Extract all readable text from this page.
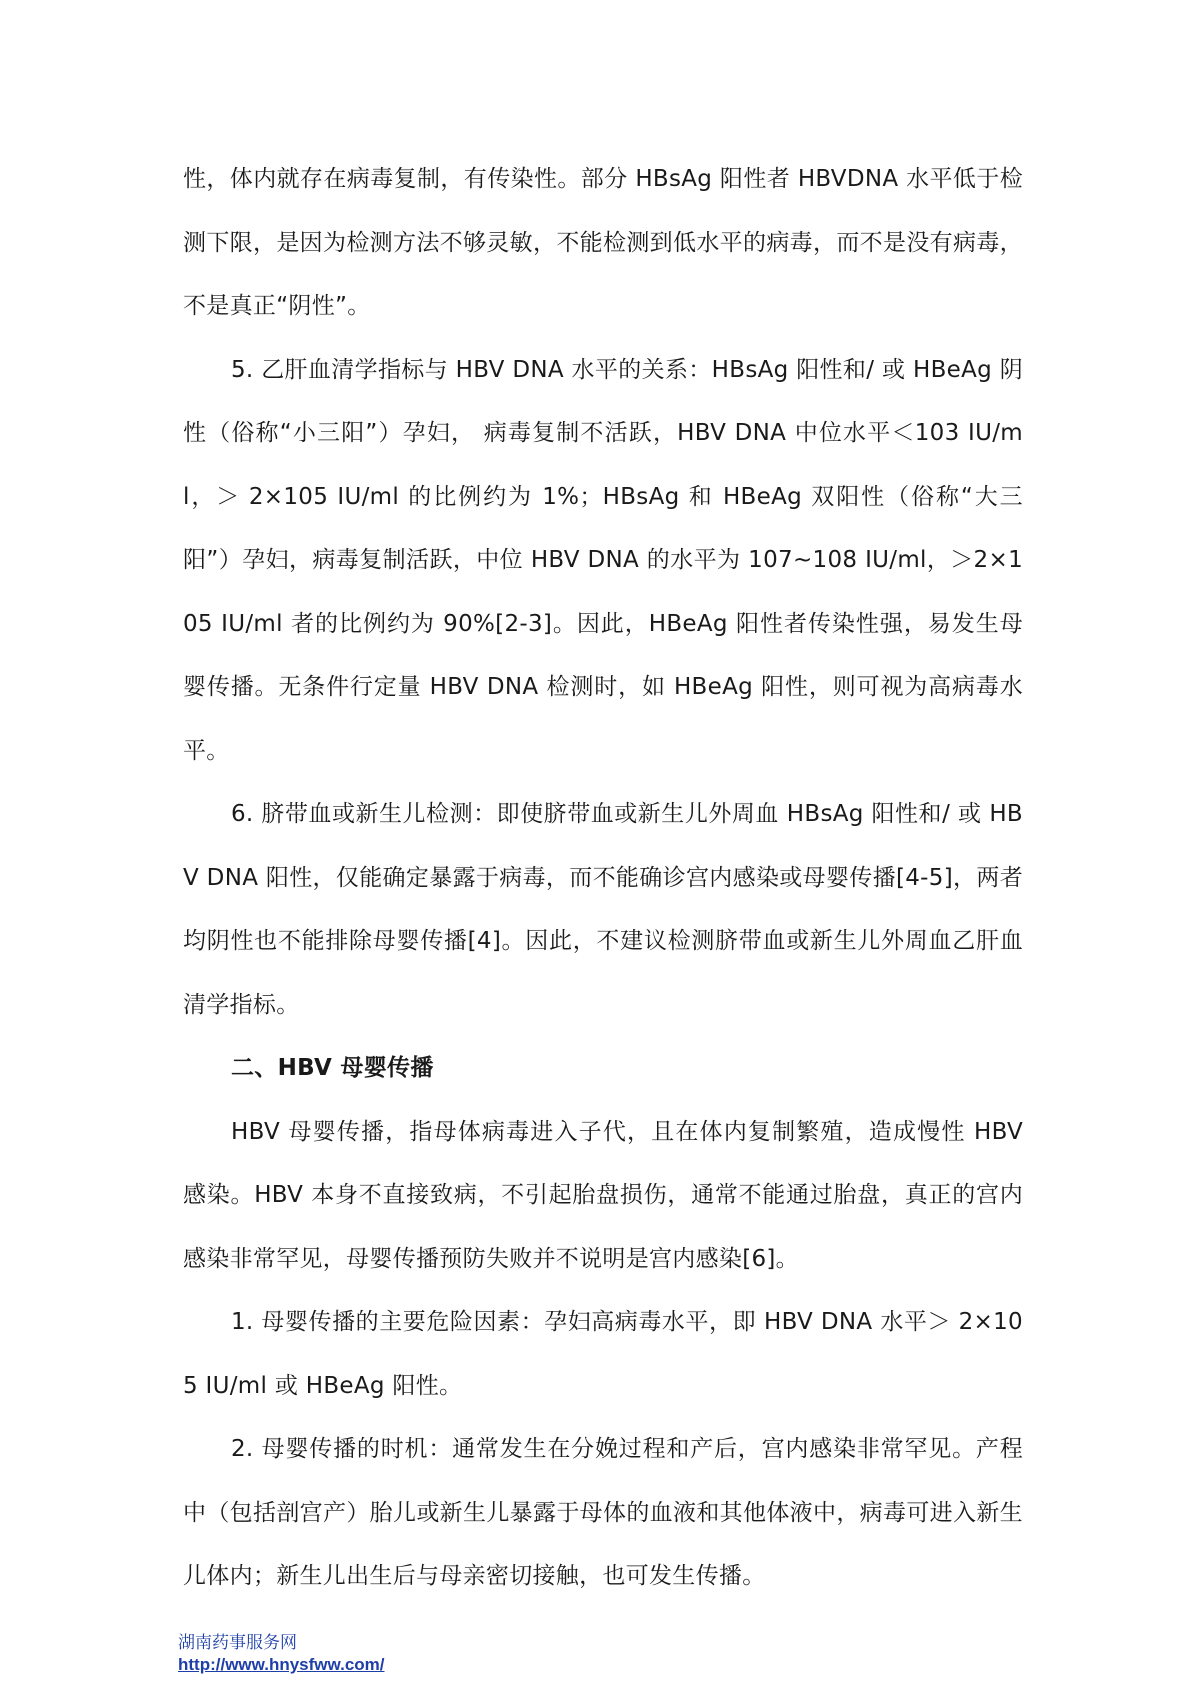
性，体内就存在病毒复制，有传染性。部分 HBsAg 阳性者 HBVDNA 水平低于检测下限，是因为检测方法不够灵敏，不能检测到低水平的病毒，而不是没有病毒，不是真正“阴性”。

5. 乙肝血清学指标与 HBV DNA 水平的关系：HBsAg 阳性和/ 或 HBeAg 阴性（俗称“小三阳”）孕妇， 病毒复制不活跃，HBV DNA 中位水平＜103 IU/ml，＞ 2×105 IU/ml 的比例约为 1%；HBsAg 和 HBeAg 双阳性（俗称“大三阳”）孕妇，病毒复制活跃，中位 HBV DNA 的水平为 107~108 IU/ml，＞2×105 IU/ml 者的比例约为 90%[2-3]。因此，HBeAg 阳性者传染性强，易发生母婴传播。无条件行定量 HBV DNA 检测时，如 HBeAg 阳性，则可视为高病毒水平。

6. 脐带血或新生儿检测：即使脐带血或新生儿外周血 HBsAg 阳性和/ 或 HBV DNA 阳性，仅能确定暴露于病毒，而不能确诊宫内感染或母婴传播[4-5]，两者均阴性也不能排除母婴传播[4]。因此，不建议检测脐带血或新生儿外周血乙肝血清学指标。

二、HBV 母婴传播

HBV 母婴传播，指母体病毒进入子代，且在体内复制繁殖，造成慢性 HBV 感染。HBV 本身不直接致病，不引起胎盘损伤，通常不能通过胎盘，真正的宫内感染非常罕见，母婴传播预防失败并不说明是宫内感染[6]。

1. 母婴传播的主要危险因素：孕妇高病毒水平，即 HBV DNA 水平＞ 2×105 IU/ml 或 HBeAg 阳性。

2. 母婴传播的时机：通常发生在分娩过程和产后，宫内感染非常罕见。产程中（包括剖宫产）胎儿或新生儿暴露于母体的血液和其他体液中，病毒可进入新生儿体内；新生儿出生后与母亲密切接触，也可发生传播。

湖南药事服务网
http://www.hnysfww.com/
